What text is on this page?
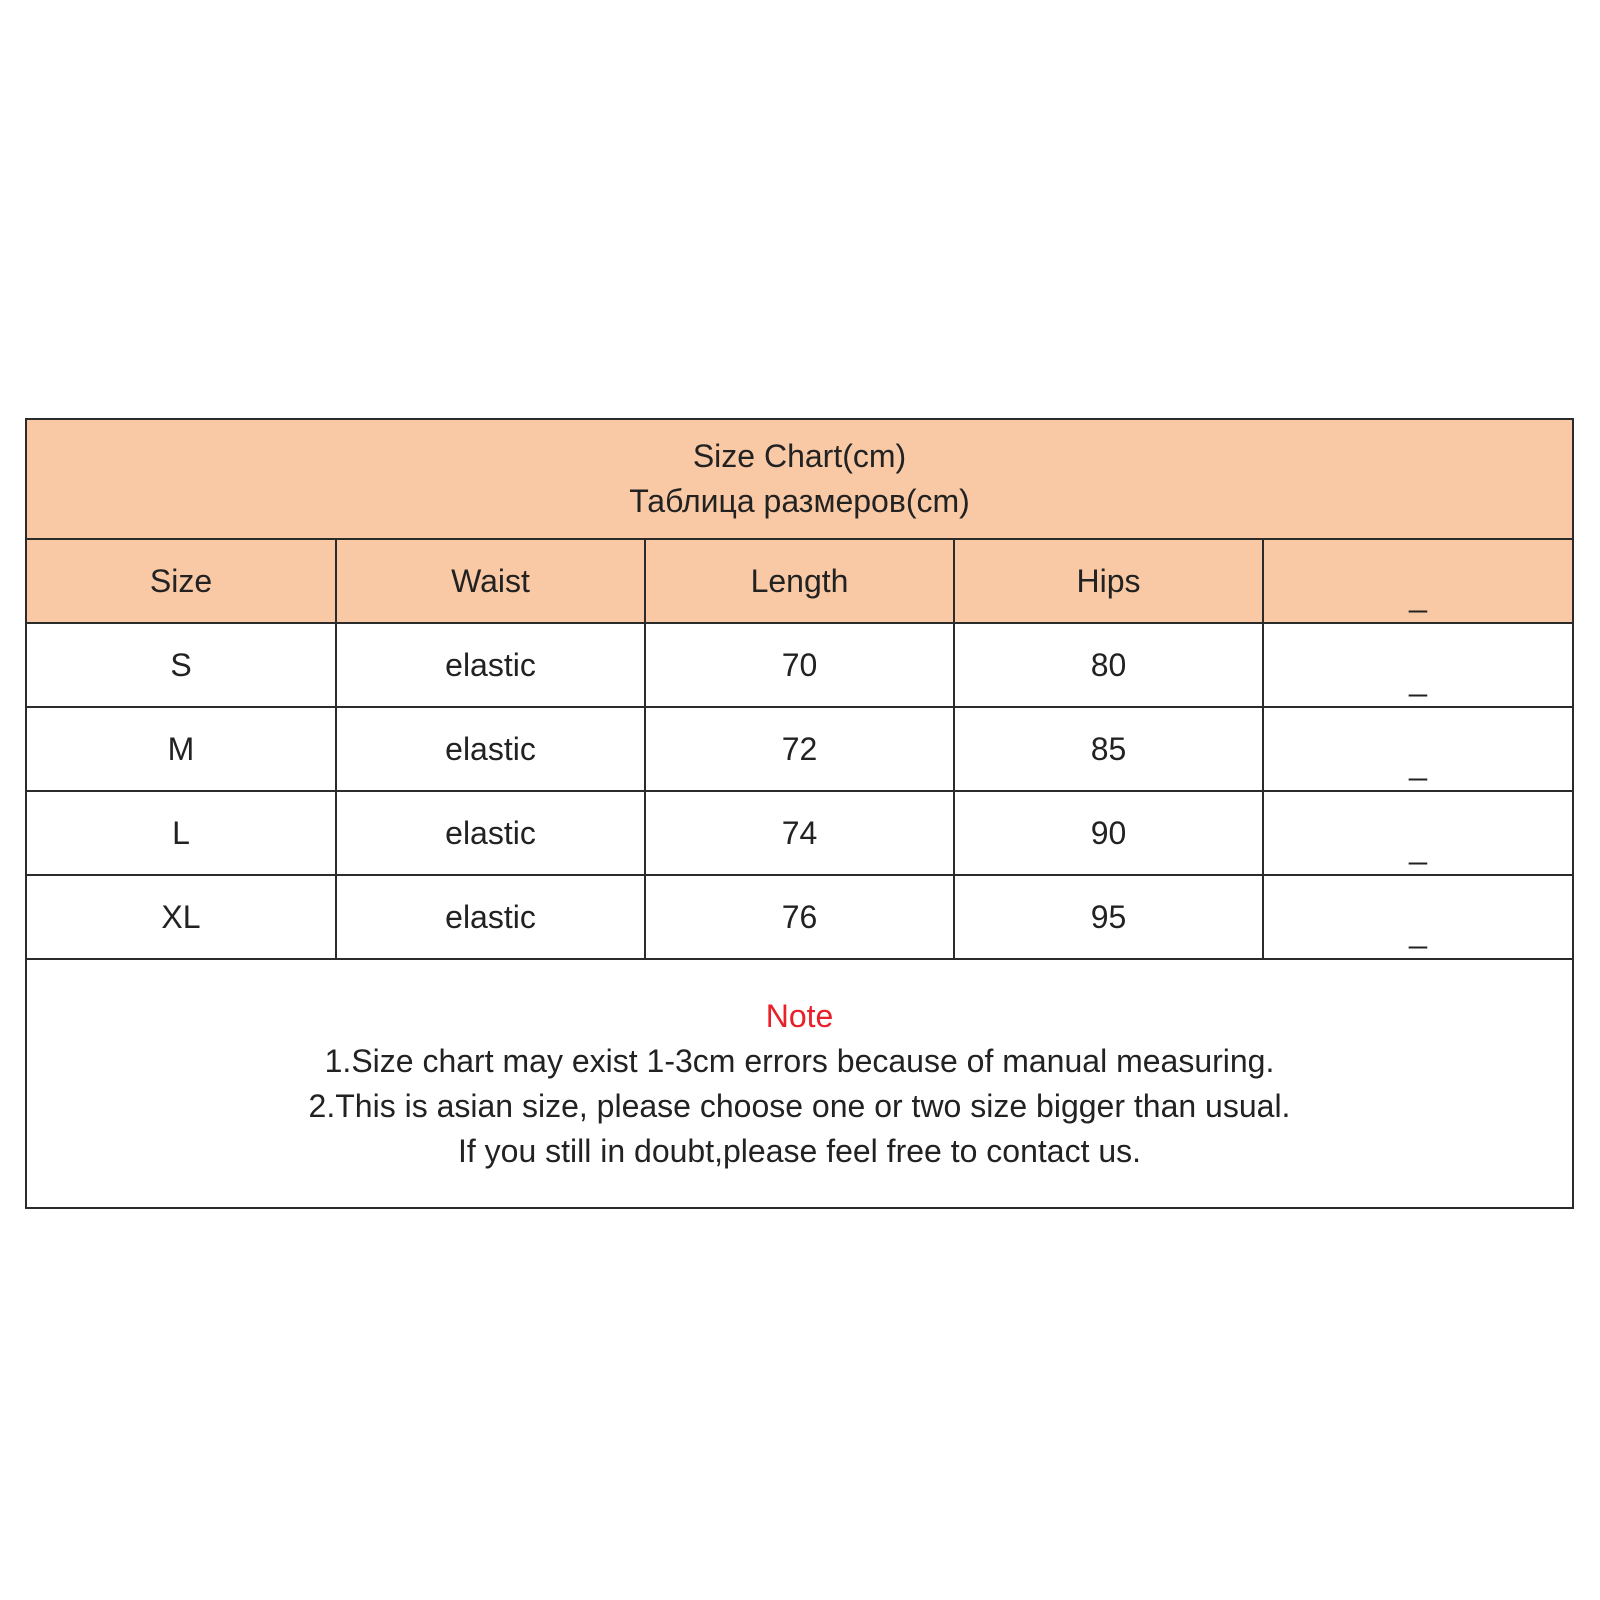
Size Chart(cm)
Таблица размеров(cm)
Size	Waist	Length	Hips	_
S	elastic	70	80	_
M	elastic	72	85	_
L	elastic	74	90	_
XL	elastic	76	95	_
Note
1.Size chart may exist 1-3cm errors because of manual measuring.
2.This is asian size, please choose one or two size bigger than usual.
If you still in doubt,please feel free to contact us.
